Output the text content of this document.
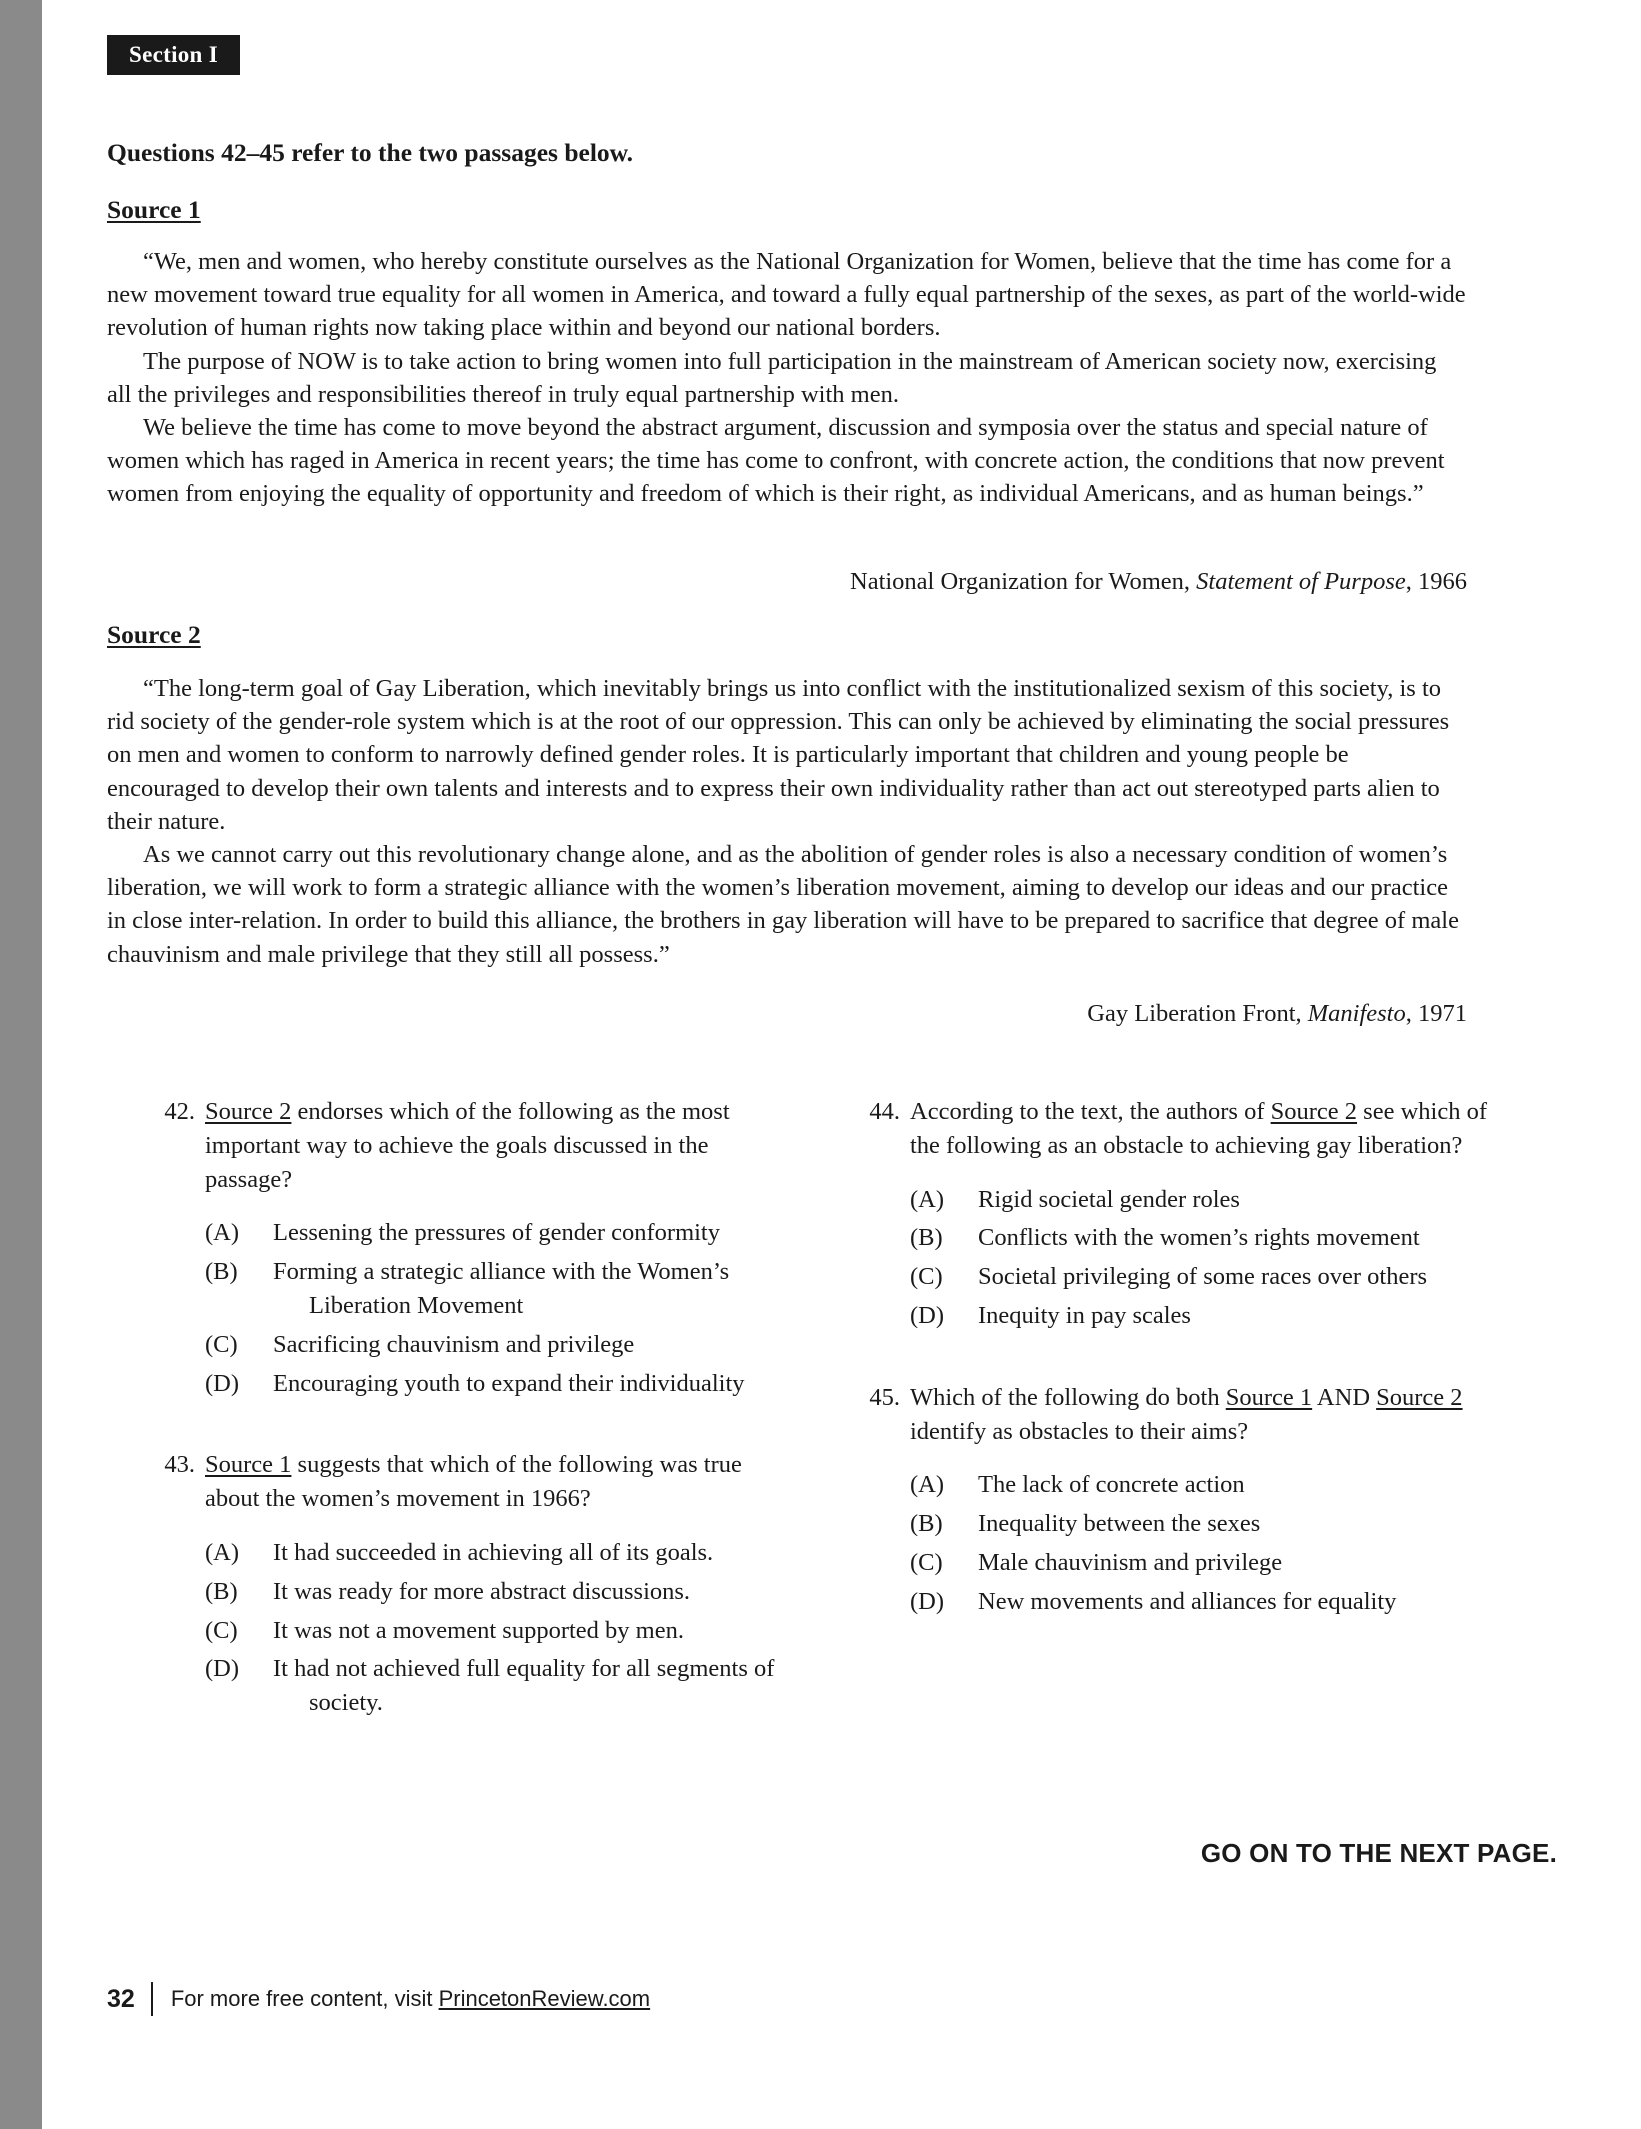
Section I
Questions 42–45 refer to the two passages below.
Source 1

“We, men and women, who hereby constitute ourselves as the National Organization for Women, believe that the time has come for a new movement toward true equality for all women in America, and toward a fully equal partnership of the sexes, as part of the world-wide revolution of human rights now taking place within and beyond our national borders.

The purpose of NOW is to take action to bring women into full participation in the mainstream of American society now, exercising all the privileges and responsibilities thereof in truly equal partnership with men.

We believe the time has come to move beyond the abstract argument, discussion and symposia over the status and special nature of women which has raged in America in recent years; the time has come to confront, with concrete action, the conditions that now prevent women from enjoying the equality of opportunity and freedom of which is their right, as individual Americans, and as human beings.”

National Organization for Women, Statement of Purpose, 1966
Source 2

“The long-term goal of Gay Liberation, which inevitably brings us into conflict with the institutionalized sexism of this society, is to rid society of the gender-role system which is at the root of our oppression. This can only be achieved by eliminating the social pressures on men and women to conform to narrowly defined gender roles. It is particularly important that children and young people be encouraged to develop their own talents and interests and to express their own individuality rather than act out stereotyped parts alien to their nature.

As we cannot carry out this revolutionary change alone, and as the abolition of gender roles is also a necessary condition of women’s liberation, we will work to form a strategic alliance with the women’s liberation movement, aiming to develop our ideas and our practice in close inter-relation. In order to build this alliance, the brothers in gay liberation will have to be prepared to sacrifice that degree of male chauvinism and male privilege that they still all possess.”

Gay Liberation Front, Manifesto, 1971
42. Source 2 endorses which of the following as the most important way to achieve the goals discussed in the passage?
(A)	Lessening the pressures of gender conformity
(B)	Forming a strategic alliance with the Women’s
Liberation Movement
(C)	Sacrificing chauvinism and privilege
(D)	Encouraging youth to expand their individuality
43. Source 1 suggests that which of the following was true about the women’s movement in 1966?
(A)	It had succeeded in achieving all of its goals.
(B)	It was ready for more abstract discussions.
(C)	It was not a movement supported by men.
(D)	It had not achieved full equality for all segments of
society.
44. According to the text, the authors of Source 2 see which of the following as an obstacle to achieving gay liberation?
(A)	Rigid societal gender roles
(B)	Conflicts with the women’s rights movement
(C)	Societal privileging of some races over others
(D)	Inequity in pay scales
45. Which of the following do both Source 1 AND Source 2 identify as obstacles to their aims?
(A)	The lack of concrete action
(B)	Inequality between the sexes
(C)	Male chauvinism and privilege
(D)	New movements and alliances for equality
GO ON TO THE NEXT PAGE.
32 For more free content, visit PrincetonReview.com
